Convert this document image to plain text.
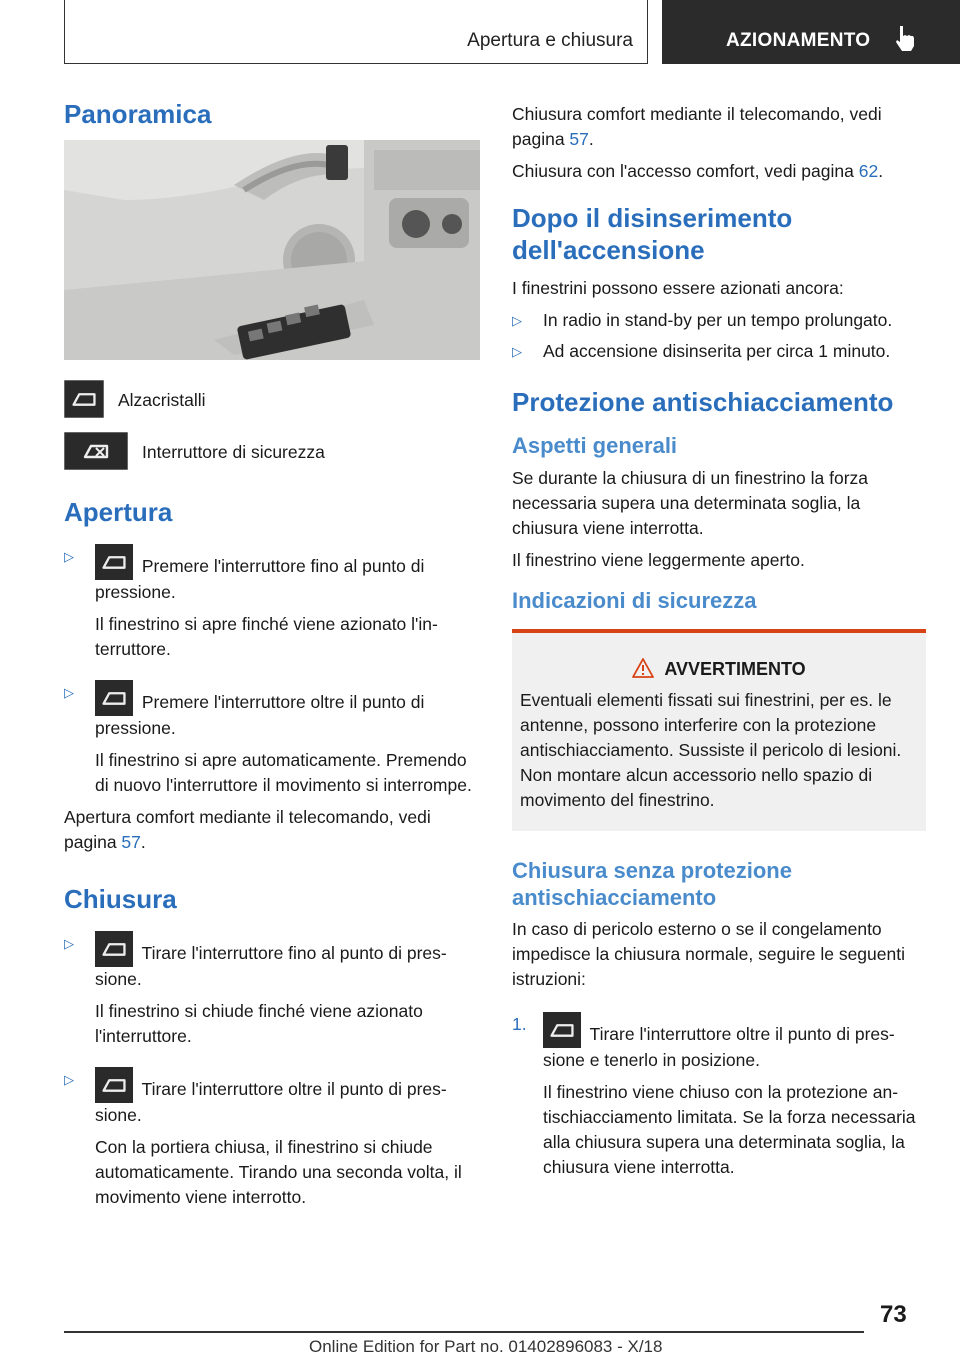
Apertura e chiusura	AZIONAMENTO
Panoramica
Alzacristalli
Interruttore di sicurezza
Apertura
▷	Premere l'interruttore fino al punto di pressione.

Il finestrino si apre finché viene azionato l'interruttore.

▷	Premere l'interruttore oltre il punto di pressione.

Il finestrino si apre automaticamente. Premendo di nuovo l'interruttore il movimento si interrompe.

Apertura comfort mediante il telecomando, vedi pagina 57.

Chiusura
▷	Tirare l'interruttore fino al punto di pressione.

Il finestrino si chiude finché viene azionato l'interruttore.

▷	Tirare l'interruttore oltre il punto di pressione.

Con la portiera chiusa, il finestrino si chiude automaticamente. Tirando una seconda volta, il movimento viene interrotto.

Chiusura comfort mediante il telecomando, vedi pagina 57.

Chiusura con l'accesso comfort, vedi pagina 62.

Dopo il disinserimento dell'accensione

I finestrini possono essere azionati ancora:

▷ In radio in stand-by per un tempo prolungato.
▷ Ad accensione disinserita per circa 1 minuto.
Protezione antischiacciamento
Aspetti generali

Se durante la chiusura di un finestrino la forza necessaria supera una determinata soglia, la chiusura viene interrotta.

Il finestrino viene leggermente aperto.

Indicazioni di sicurezza
AVVERTIMENTO
Eventuali elementi fissati sui finestrini, per es. le antenne, possono interferire con la protezione antischiacciamento. Sussiste il pericolo di lesioni. Non montare alcun accessorio nello spazio di movimento del finestrino.
Chiusura senza protezione antischiacciamento

In caso di pericolo esterno o se il congelamento impedisce la chiusura normale, seguire le seguenti istruzioni:

1.	Tirare l'interruttore oltre il punto di pressione e tenerlo in posizione.

Il finestrino viene chiuso con la protezione antischiacciamento limitata. Se la forza necessaria alla chiusura supera una determinata soglia, la chiusura viene interrotta.

73
Online Edition for Part no. 01402896083 - X/18
